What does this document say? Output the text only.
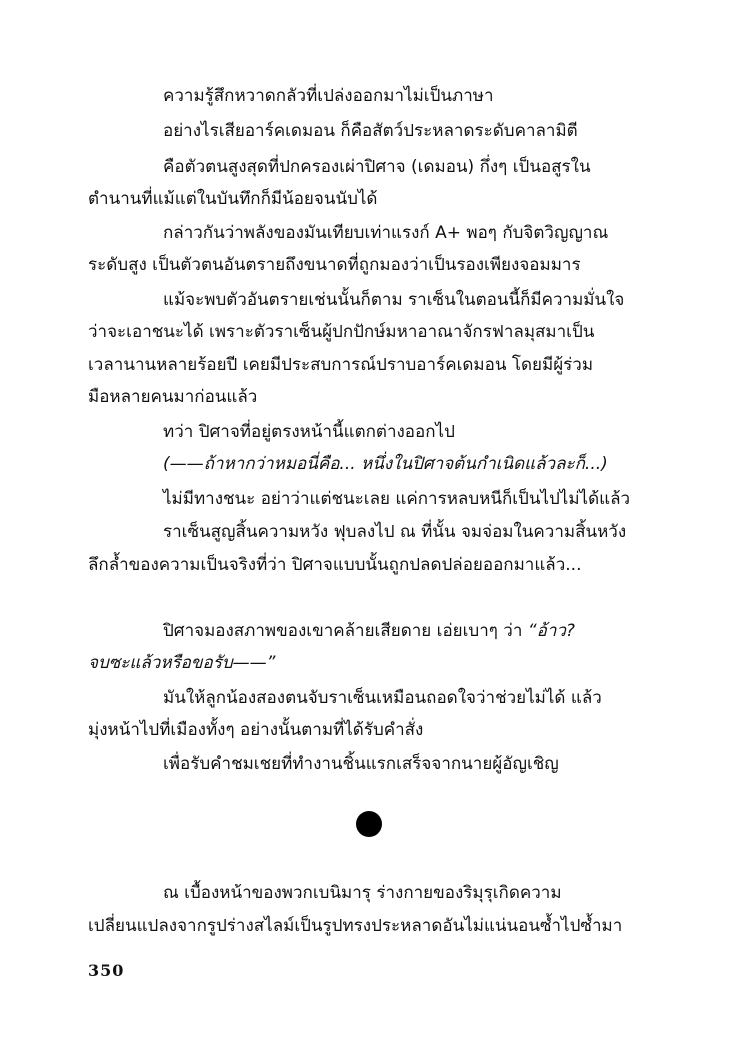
ความรู้สึกหวาดกลัวที่เปล่งออกมาไม่เป็นภาษา
อย่างไรเสียอาร์คเดมอน ก็คือสัตว์ประหลาดระดับคาลามิตี
คือตัวตนสูงสุดที่ปกครองเผ่าปิศาจ (เดมอน) กึ่งๆ เป็นอสูรใน
ตำนานที่แม้แต่ในบันทึกก็มีน้อยจนนับได้
กล่าวกันว่าพลังของมันเทียบเท่าแรงก์ A+ พอๆ กับจิตวิญญาณ
ระดับสูง เป็นตัวตนอันตรายถึงขนาดที่ถูกมองว่าเป็นรองเพียงจอมมาร
แม้จะพบตัวอันตรายเช่นนั้นก็ตาม ราเซ็นในตอนนี้ก็มีความมั่นใจ
ว่าจะเอาชนะได้ เพราะตัวราเซ็นผู้ปกปักษ์มหาอาณาจักรฟาลมุสมาเป็น
เวลานานหลายร้อยปี เคยมีประสบการณ์ปราบอาร์คเดมอน โดยมีผู้ร่วม
มือหลายคนมาก่อนแล้ว
ทว่า ปิศาจที่อยู่ตรงหน้านี้แตกต่างออกไป
(——ถ้าหากว่าหมอนี่คือ... หนึ่งในปิศาจต้นกำเนิดแล้วละก็...)
ไม่มีทางชนะ อย่าว่าแต่ชนะเลย แค่การหลบหนีก็เป็นไปไม่ได้แล้ว
ราเซ็นสูญสิ้นความหวัง ฟุบลงไป ณ ที่นั้น จมจ่อมในความสิ้นหวัง
ลึกล้ำของความเป็นจริงที่ว่า ปิศาจแบบนั้นถูกปลดปล่อยออกมาแล้ว...
ปิศาจมองสภาพของเขาคล้ายเสียดาย เอ่ยเบาๆ ว่า “อ้าว?
จบซะแล้วหรือขอรับ——”
มันให้ลูกน้องสองตนจับราเซ็นเหมือนถอดใจว่าช่วยไม่ได้ แล้ว
มุ่งหน้าไปที่เมืองทั้งๆ อย่างนั้นตามที่ได้รับคำสั่ง
เพื่อรับคำชมเชยที่ทำงานชิ้นแรกเสร็จจากนายผู้อัญเชิญ
ณ เบื้องหน้าของพวกเบนิมารุ ร่างกายของริมุรุเกิดความ
เปลี่ยนแปลงจากรูปร่างสไลม์เป็นรูปทรงประหลาดอันไม่แน่นอนซ้ำไปซ้ำมา
350
